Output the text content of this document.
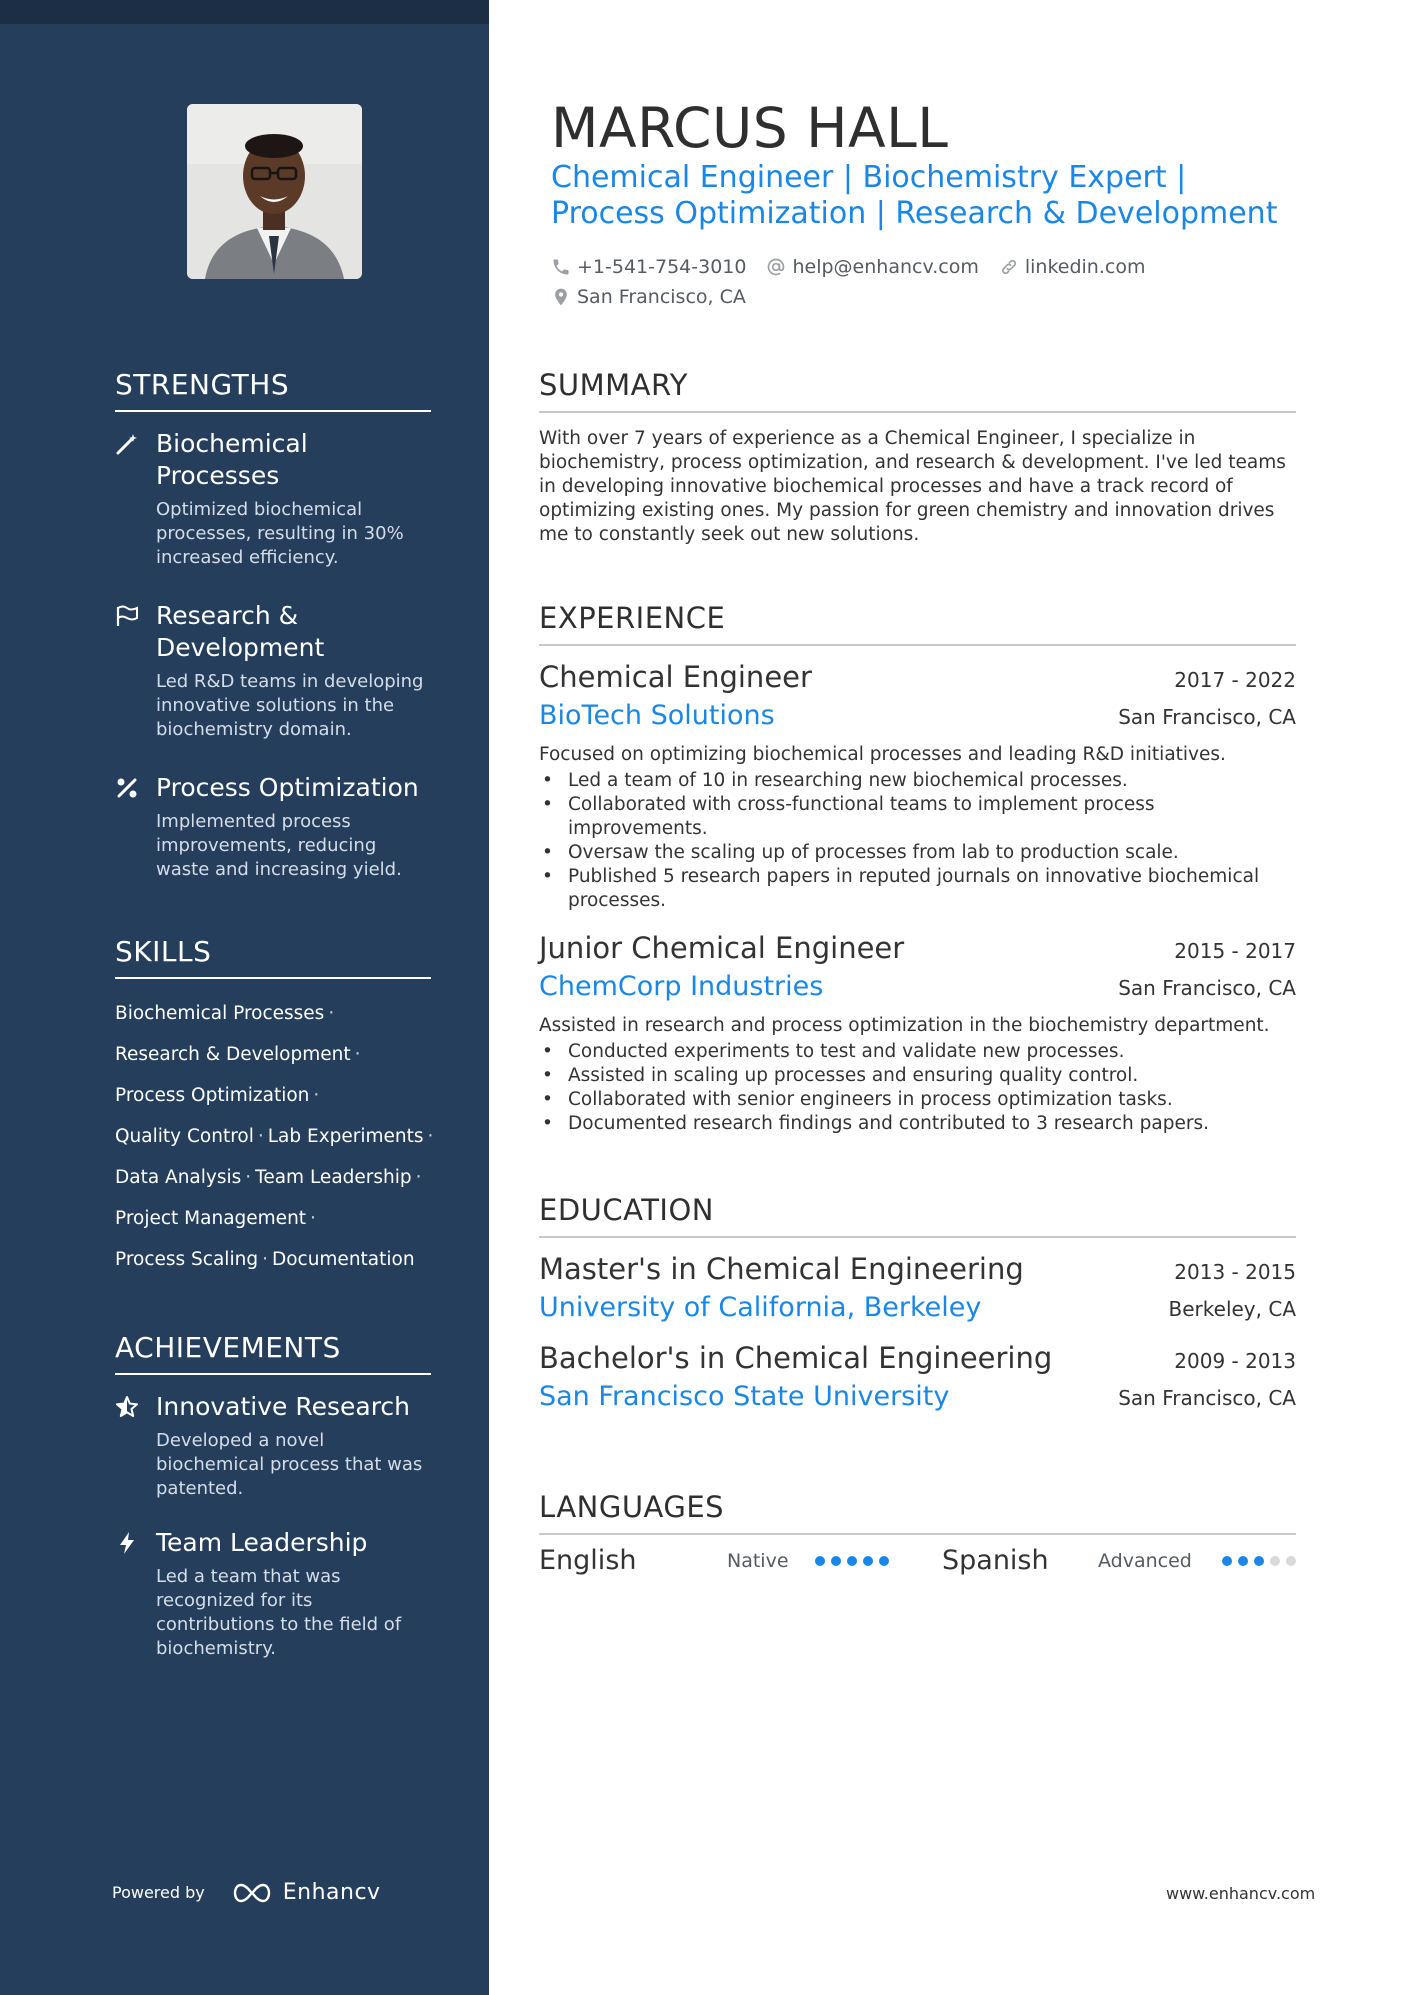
STRENGTHS
Biochemical Processes
Optimized biochemical processes, resulting in 30% increased efficiency.
Research & Development
Led R&D teams in developing innovative solutions in the biochemistry domain.
Process Optimization
Implemented process improvements, reducing waste and increasing yield.
SKILLS
Biochemical Processes ·
Research & Development ·
Process Optimization ·
Quality Control · Lab Experiments ·
Data Analysis · Team Leadership ·
Project Management ·
Process Scaling · Documentation
ACHIEVEMENTS
Innovative Research
Developed a novel biochemical process that was patented.
Team Leadership
Led a team that was recognized for its contributions to the field of biochemistry.
Powered by	Enhancv
MARCUS HALL
Chemical Engineer | Biochemistry Expert | Process Optimization | Research & Development
+1-541-754-3010 help@enhancv.com linkedin.com
San Francisco, CA
SUMMARY
With over 7 years of experience as a Chemical Engineer, I specialize in biochemistry, process optimization, and research & development. I've led teams in developing innovative biochemical processes and have a track record of optimizing existing ones. My passion for green chemistry and innovation drives me to constantly seek out new solutions.
EXPERIENCE
Chemical Engineer	2017 - 2022
BioTech Solutions	San Francisco, CA
Focused on optimizing biochemical processes and leading R&D initiatives.
• Led a team of 10 in researching new biochemical processes.
• Collaborated with cross-functional teams to implement process improvements.
• Oversaw the scaling up of processes from lab to production scale.
• Published 5 research papers in reputed journals on innovative biochemical processes.
Junior Chemical Engineer	2015 - 2017
ChemCorp Industries	San Francisco, CA
Assisted in research and process optimization in the biochemistry department.
• Conducted experiments to test and validate new processes.
• Assisted in scaling up processes and ensuring quality control.
• Collaborated with senior engineers in process optimization tasks.
• Documented research findings and contributed to 3 research papers.
EDUCATION
Master's in Chemical Engineering	2013 - 2015
University of California, Berkeley	Berkeley, CA
Bachelor's in Chemical Engineering	2009 - 2013
San Francisco State University	San Francisco, CA
LANGUAGES
English	Native	Spanish	Advanced
www.enhancv.com
